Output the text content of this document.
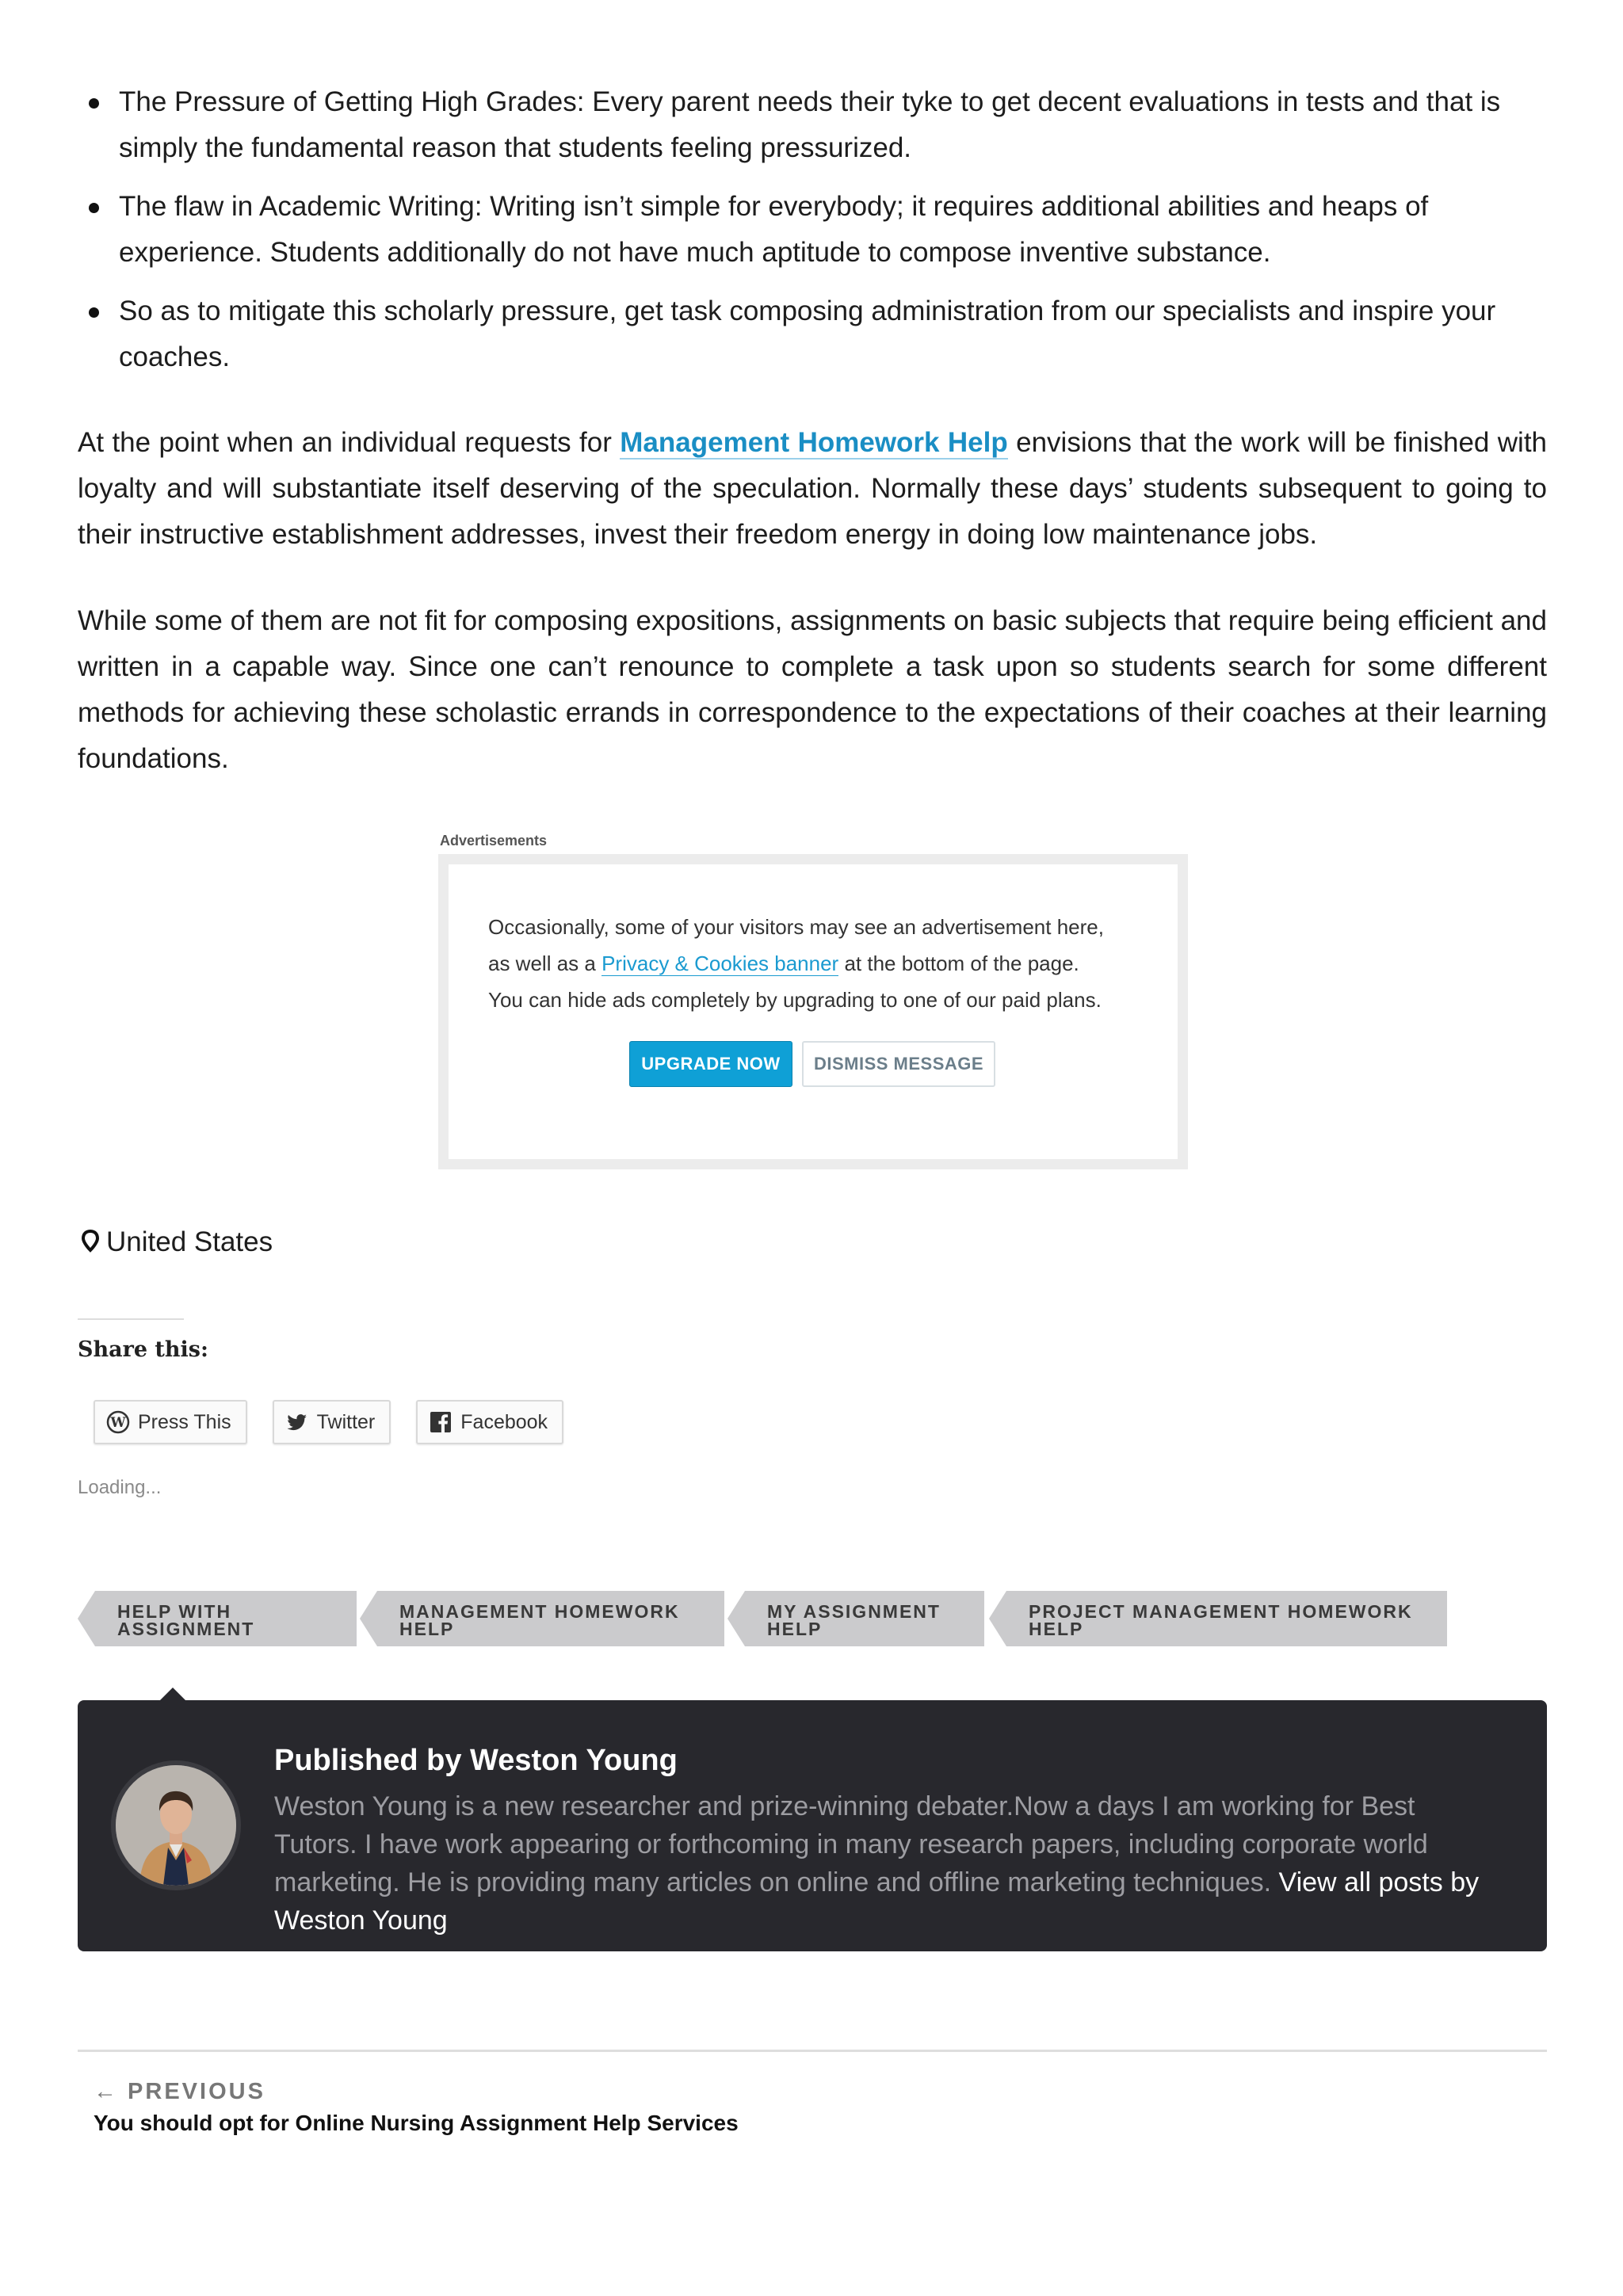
The Pressure of Getting High Grades: Every parent needs their tyke to get decent evaluations in tests and that is simply the fundamental reason that students feeling pressurized.
The flaw in Academic Writing: Writing isn’t simple for everybody; it requires additional abilities and heaps of experience. Students additionally do not have much aptitude to compose inventive substance.
So as to mitigate this scholarly pressure, get task composing administration from our specialists and inspire your coaches.

At the point when an individual requests for Management Homework Help envisions that the work will be finished with loyalty and will substantiate itself deserving of the speculation. Normally these days’ students subsequent to going to their instructive establishment addresses, invest their freedom energy in doing low maintenance jobs.

While some of them are not fit for composing expositions, assignments on basic subjects that require being efficient and written in a capable way. Since one can’t renounce to complete a task upon so students search for some different methods for achieving these scholastic errands in correspondence to the expectations of their coaches at their learning foundations.

Advertisements
Occasionally, some of your visitors may see an advertisement here,
as well as a Privacy & Cookies banner at the bottom of the page.
You can hide ads completely by upgrading to one of our paid plans.
UPGRADE NOW	DISMISS MESSAGE
United States
Share this:
W Press This	Twitter	Facebook
Loading...
HELP WITH
ASSIGNMENT
MANAGEMENT HOMEWORK
HELP
MY ASSIGNMENT
HELP
PROJECT MANAGEMENT HOMEWORK
HELP
Published by Weston Young
Weston Young is a new researcher and prize-winning debater.Now a days I am working for Best Tutors. I have work appearing or forthcoming in many research papers, including corporate world marketing. He is providing many articles on online and offline marketing techniques. View all posts by Weston Young
← PREVIOUS
You should opt for Online Nursing Assignment Help Services
